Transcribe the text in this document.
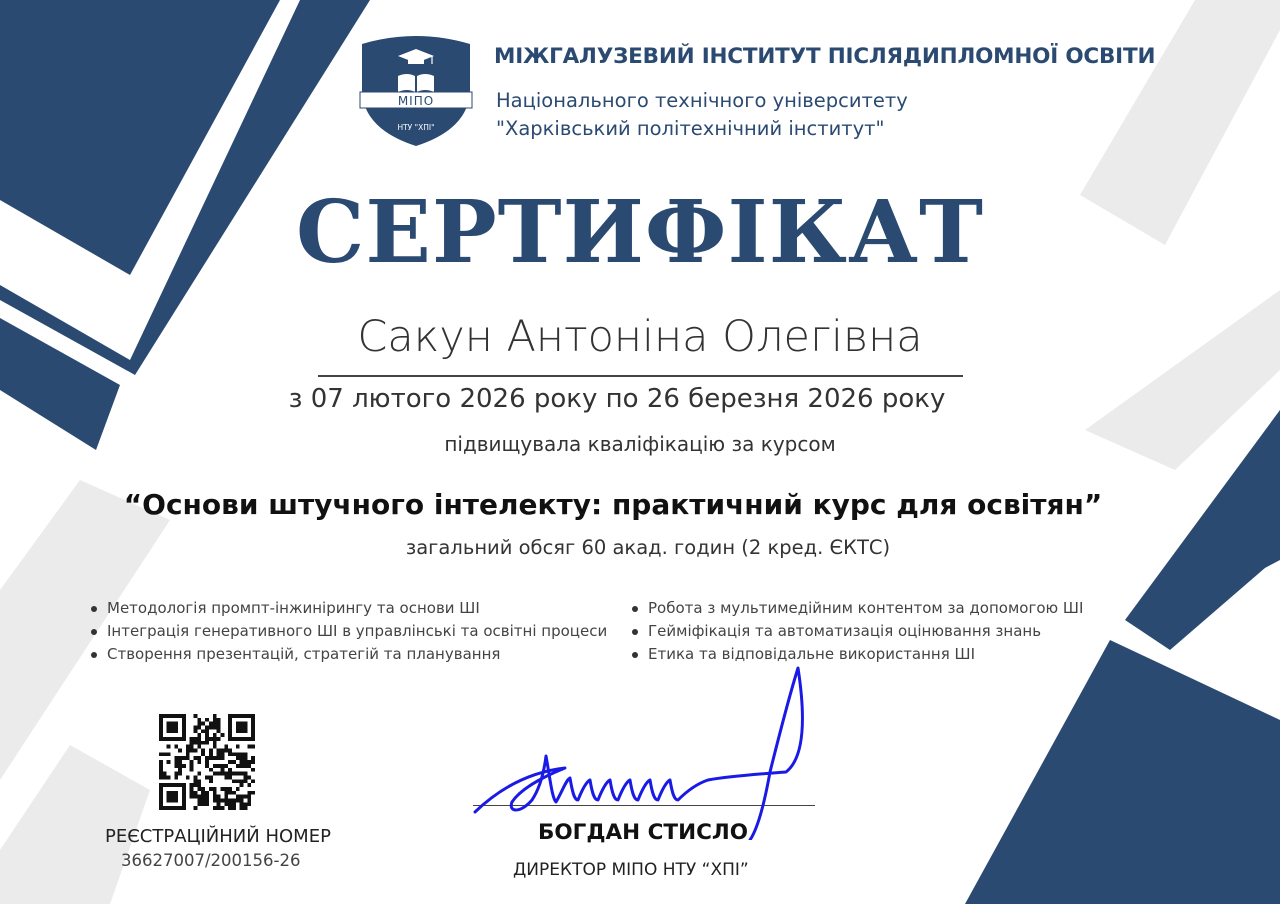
МІПО
НТУ "ХПІ"
МІЖГАЛУЗЕВИЙ ІНСТИТУТ ПІСЛЯДИПЛОМНОЇ ОСВІТИ
Національного технічного університету
"Харківський політехнічний інститут"
СЕРТИФІКАТ
Сакун Антоніна Олегівна
з 07 лютого 2026 року по 26 березня 2026 року
підвищувала кваліфікацію за курсом
“Основи штучного інтелекту: практичний курс для освітян”
загальний обсяг 60 акад. годин (2 кред. ЄКТС)
Методологія промпт-інжинірингу та основи ШІ
Інтеграція генеративного ШІ в управлінські та освітні процеси
Створення презентацій, стратегій та планування
Робота з мультимедійним контентом за допомогою ШІ
Гейміфікація та автоматизація оцінювання знань
Етика та відповідальне використання ШІ
РЕЄСТРАЦІЙНИЙ НОМЕР
36627007/200156-26
БОГДАН СТИСЛО
ДИРЕКТОР МІПО НТУ “ХПІ”
